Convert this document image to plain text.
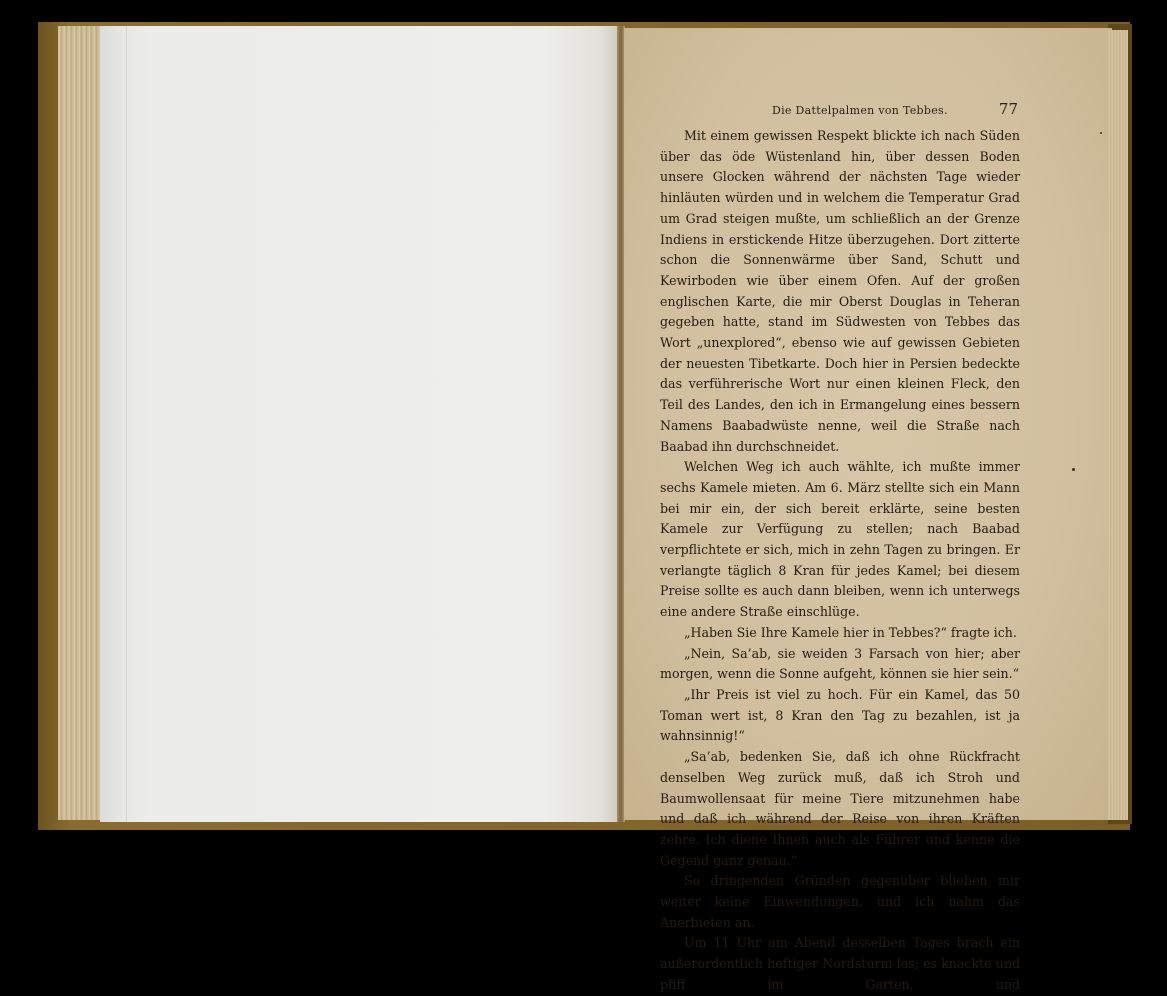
Die Dattelpalmen von Tebbes.	77

Mit einem gewissen Respekt blickte ich nach Süden über das öde Wüstenland hin, über dessen Boden unsere Glocken während der nächsten Tage wieder hinläuten würden und in welchem die Temperatur Grad um Grad steigen mußte, um schließlich an der Grenze Indiens in erstickende Hitze überzugehen. Dort zitterte schon die Sonnenwärme über Sand, Schutt und Kewirboden wie über einem Ofen. Auf der großen englischen Karte, die mir Oberst Douglas in Teheran gegeben hatte, stand im Südwesten von Tebbes das Wort „unexplored“, ebenso wie auf gewissen Gebieten der neuesten Tibetkarte. Doch hier in Persien bedeckte das verführerische Wort nur einen kleinen Fleck, den Teil des Landes, den ich in Ermangelung eines bessern Namens Baabadwüste nenne, weil die Straße nach Baabad ihn durchschneidet.

Welchen Weg ich auch wählte, ich mußte immer sechs Kamele mieten. Am 6. März stellte sich ein Mann bei mir ein, der sich bereit erklärte, seine besten Kamele zur Verfügung zu stellen; nach Baabad verpflichtete er sich, mich in zehn Tagen zu bringen. Er verlangte täglich 8 Kran für jedes Kamel; bei diesem Preise sollte es auch dann bleiben, wenn ich unterwegs eine andere Straße einschlüge.

„Haben Sie Ihre Kamele hier in Tebbes?“ fragte ich.

„Nein, Sa’ab, sie weiden 3 Farsach von hier; aber morgen, wenn die Sonne aufgeht, können sie hier sein.“

„Ihr Preis ist viel zu hoch. Für ein Kamel, das 50 Toman wert ist, 8 Kran den Tag zu bezahlen, ist ja wahnsinnig!“

„Sa’ab, bedenken Sie, daß ich ohne Rückfracht denselben Weg zurück muß, daß ich Stroh und Baumwollensaat für meine Tiere mitzunehmen habe und daß ich während der Reise von ihren Kräften zehre. Ich diene Ihnen auch als Führer und kenne die Gegend ganz genau.“

So dringenden Gründen gegenüber blieben mir weiter keine Einwendungen, und ich nahm das Anerbieten an.

Um 11 Uhr am Abend desselben Tages brach ein außerordentlich heftiger Nordsturm los; es knackte und pfiff im Garten, und
